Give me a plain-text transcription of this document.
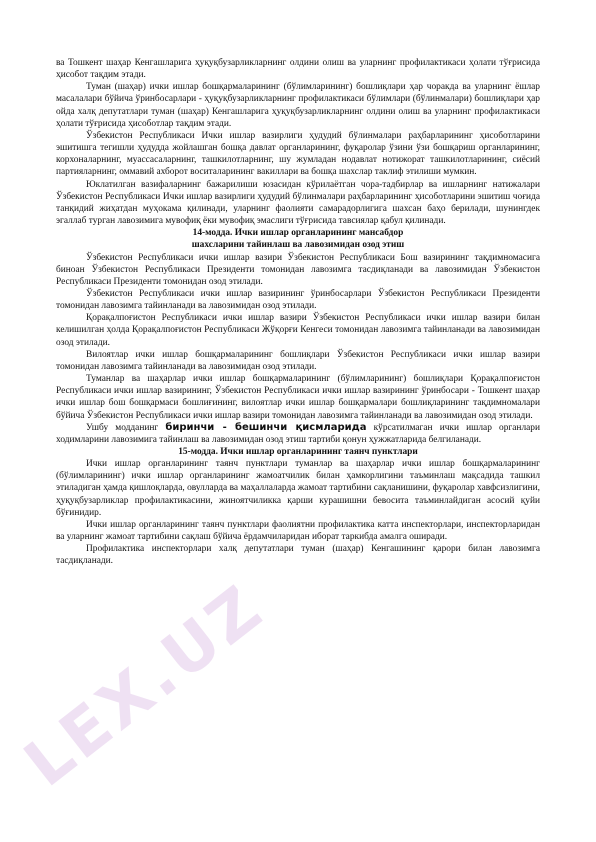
ва Тошкент шаҳар Кенгашларига ҳуқуқбузарликларнинг олдини олиш ва уларнинг профилактикаси ҳолати тўғрисида ҳисобот тақдим этади.

Туман (шаҳар) ички ишлар бошқармаларининг (бўлимларининг) бошлиқлари ҳар чоракда ва уларнинг ёшлар масалалари бўйича ўринбосарлари - ҳуқуқбузарликларнинг профилактикаси бўлимлари (бўлинмалари) бошлиқлари ҳар ойда халқ депутатлари туман (шаҳар) Кенгашларига ҳуқуқбузарликларнинг олдини олиш ва уларнинг профилактикаси ҳолати тўғрисида ҳисоботлар тақдим этади.

Ўзбекистон Республикаси Ички ишлар вазирлиги ҳудудий бўлинмалари раҳбарларининг ҳисоботларини эшитишга тегишли ҳудудда жойлашган бошқа давлат органларининг, фуқаролар ўзини ўзи бошқариш органларининг, корхоналарнинг, муассасаларнинг, ташкилотларнинг, шу жумладан нодавлат нотижорат ташкилотларининг, сиёсий партияларнинг, оммавий ахборот воситаларининг вакиллари ва бошқа шахслар таклиф этилиши мумкин.

Юклатилган вазифаларнинг бажарилиши юзасидан кўрилаётган чора-тадбирлар ва ишларнинг натижалари Ўзбекистон Республикаси Ички ишлар вазирлиги ҳудудий бўлинмалари раҳбарларининг ҳисоботларини эшитиш чоғида танқидий жиҳатдан муҳокама қилинади, уларнинг фаолияти самарадорлигига шахсан баҳо берилади, шунингдек эгаллаб турган лавозимига мувофиқ ёки мувофиқ эмаслиги тўғрисида тавсиялар қабул қилинади.

14-модда. Ички ишлар органларининг мансабдор
шахсларини тайинлаш ва лавозимидан озод этиш

Ўзбекистон Республикаси ички ишлар вазири Ўзбекистон Республикаси Бош вазирининг тақдимномасига биноан Ўзбекистон Республикаси Президенти томонидан лавозимга тасдиқланади ва лавозимидан Ўзбекистон Республикаси Президенти томонидан озод этилади.

Ўзбекистон Республикаси ички ишлар вазирининг ўринбосарлари Ўзбекистон Республикаси Президенти томонидан лавозимга тайинланади ва лавозимидан озод этилади.

Қорақалпоғистон Республикаси ички ишлар вазири Ўзбекистон Республикаси ички ишлар вазири билан келишилган ҳолда Қорақалпоғистон Республикаси Жўқорғи Кенгеси томонидан лавозимга тайинланади ва лавозимидан озод этилади.

Вилоятлар ички ишлар бошқармаларининг бошлиқлари Ўзбекистон Республикаси ички ишлар вазири томонидан лавозимга тайинланади ва лавозимидан озод этилади.

Туманлар ва шаҳарлар ички ишлар бошқармаларининг (бўлимларининг) бошлиқлари Қорақалпоғистон Республикаси ички ишлар вазирининг, Ўзбекистон Республикаси ички ишлар вазирининг ўринбосари - Тошкент шаҳар ички ишлар бош бошқармаси бошлиғининг, вилоятлар ички ишлар бошқармалари бошлиқларининг тақдимномалари бўйича Ўзбекистон Республикаси ички ишлар вазири томонидан лавозимга тайинланади ва лавозимидан озод этилади.

Ушбу модданинг биринчи - бешинчи қисмларида кўрсатилмаган ички ишлар органлари ходимларини лавозимига тайинлаш ва лавозимидан озод этиш тартиби қонун ҳужжатларида белгиланади.

15-модда. Ички ишлар органларининг таянч пунктлари

Ички ишлар органларининг таянч пунктлари туманлар ва шаҳарлар ички ишлар бошқармаларининг (бўлимларининг) ички ишлар органларининг жамоатчилик билан ҳамкорлигини таъминлаш мақсадида ташкил этиладиган ҳамда қишлоқларда, овулларда ва маҳаллаларда жамоат тартибини сақланишини, фуқаролар хавфсизлигини, ҳуқуқбузарликлар профилактикасини, жиноятчиликка қарши курашишни бевосита таъминлайдиган асосий қуйи бўғинидир.

Ички ишлар органларининг таянч пунктлари фаолиятни профилактика катта инспекторлари, инспекторларидан ва уларнинг жамоат тартибини сақлаш бўйича ёрдамчиларидан иборат таркибда амалга оширади.

Профилактика инспекторлари халқ депутатлари туман (шаҳар) Кенгашининг қарори билан лавозимга тасдиқланади.

LEX.UZ
